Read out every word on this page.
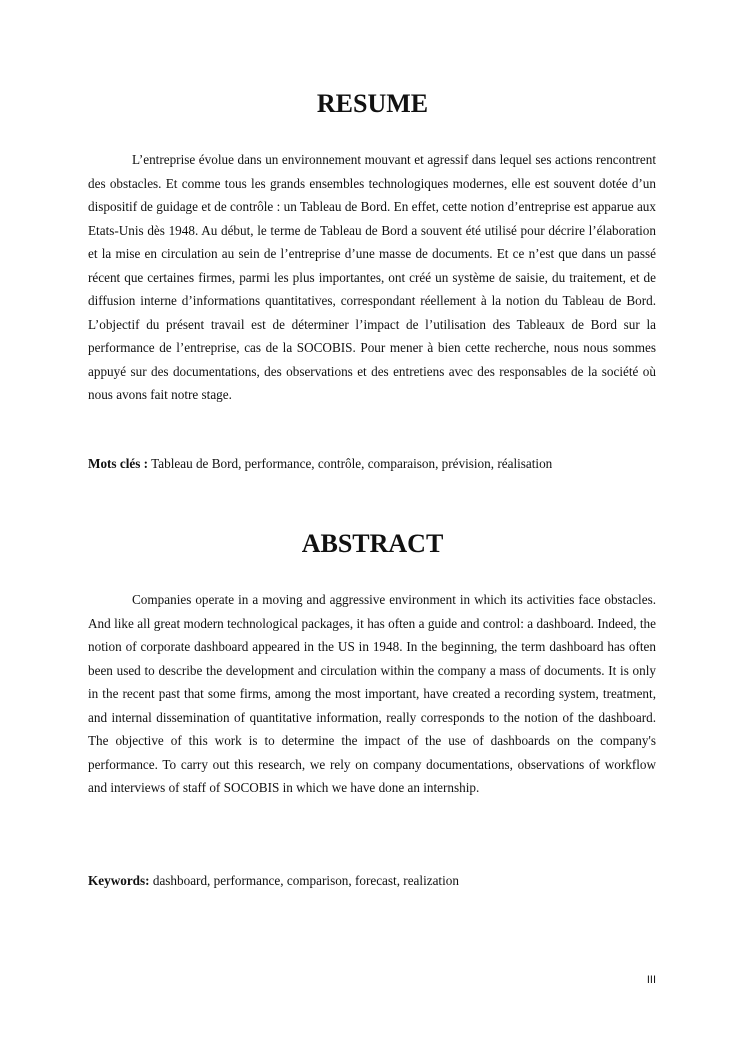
RESUME

L’entreprise évolue dans un environnement mouvant et agressif dans lequel ses actions rencontrent des obstacles. Et comme tous les grands ensembles technologiques modernes, elle est souvent dotée d’un dispositif de guidage et de contrôle : un Tableau de Bord. En effet, cette notion d’entreprise est apparue aux Etats-Unis dès 1948. Au début, le terme de Tableau de Bord a souvent été utilisé pour décrire l’élaboration et la mise en circulation au sein de l’entreprise d’une masse de documents. Et ce n’est que dans un passé récent que certaines firmes, parmi les plus importantes, ont créé un système de saisie, du traitement, et de diffusion interne d’informations quantitatives, correspondant réellement à la notion du Tableau de Bord. L’objectif du présent travail est de déterminer l’impact de l’utilisation des Tableaux de Bord sur la performance de l’entreprise, cas de la SOCOBIS. Pour mener à bien cette recherche, nous nous sommes appuyé sur des documentations, des observations et des entretiens avec des responsables de la société où nous avons fait notre stage.

Mots clés : Tableau de Bord, performance, contrôle, comparaison, prévision, réalisation

ABSTRACT

Companies operate in a moving and aggressive environment in which its activities face obstacles. And like all great modern technological packages, it has often a guide and control: a dashboard. Indeed, the notion of corporate dashboard appeared in the US in 1948. In the beginning, the term dashboard has often been used to describe the development and circulation within the company a mass of documents. It is only in the recent past that some firms, among the most important, have created a recording system, treatment, and internal dissemination of quantitative information, really corresponds to the notion of the dashboard. The objective of this work is to determine the impact of the use of dashboards on the company's performance. To carry out this research, we rely on company documentations, observations of workflow and interviews of staff of SOCOBIS in which we have done an internship.

Keywords: dashboard, performance, comparison, forecast, realization

III
